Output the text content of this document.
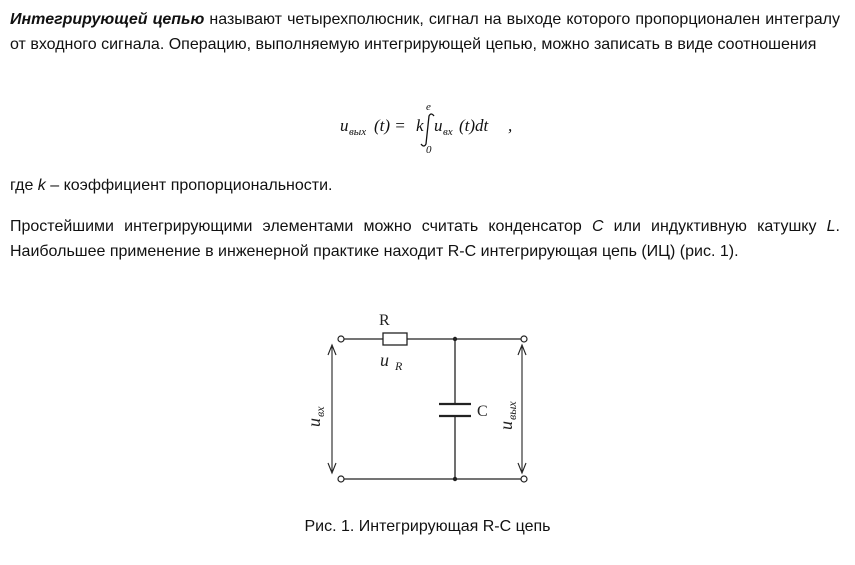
Интегрирующей цепью называют четырехполюсник, сигнал на выходе которого пропорционален интегралу от входного сигнала. Операцию, выполняемую интегрирующей цепью, можно записать в виде соотношения

u вых (t) = k
e
0
u вх (t)dt ,

где k – коэффициент пропорциональности.

Простейшими интегрирующими элементами можно считать конденсатор C или индуктивную катушку L. Наибольшее применение в инженерной практике находит R-C интегрирующая цепь (ИЦ) (рис. 1).

R
u R
C
u
вх
u
вых

Рис. 1. Интегрирующая R-C цепь
